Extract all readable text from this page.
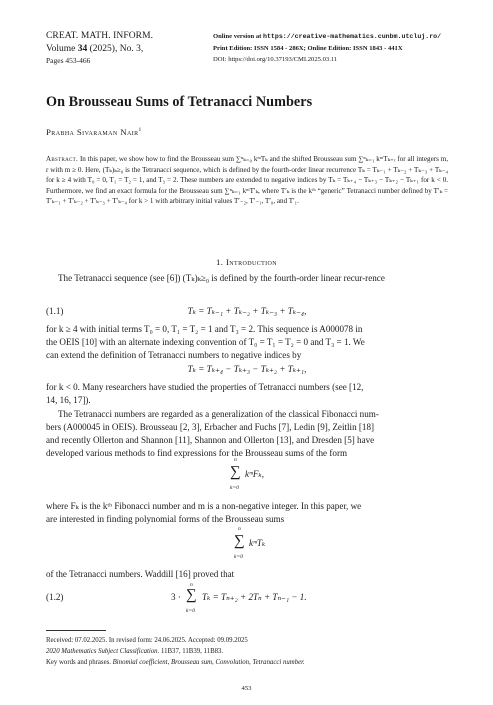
CREAT. MATH. INFORM.
Volume 34 (2025), No. 3,
Pages 453-466
Online version at https://creative-mathematics.cunbm.utcluj.ro/
Print Edition: ISSN 1584 - 286X; Online Edition: ISSN 1843 - 441X
DOI: https://doi.org/10.37193/CMI.2025.03.11
On Brousseau Sums of Tetranacci Numbers
Prabha Sivaraman Nair$^1$
Abstract. In this paper, we show how to find the Brousseau sum ∑ⁿₖ₌₀ kᵐTₖ and the shifted Brousseau sum ∑ⁿₖ₌₁ kᵐTₖ₊ᵣ for all integers m, r with m ≥ 0. Here, (Tₖ)ₖ≥₀ is the Tetranacci sequence, which is defined by the fourth-order linear recurrence Tₖ = Tₖ₋₁ + Tₖ₋₂ + Tₖ₋₃ + Tₖ₋₄ for k ≥ 4 with T₀ = 0, T₁ = T₂ = 1, and T₃ = 2. These numbers are extended to negative indices by Tₖ = Tₖ₊₄ − Tₖ₊₃ − Tₖ₊₂ − Tₖ₊₁ for k < 0. Furthermore, we find an exact formula for the Brousseau sum ∑ⁿₖ₌₁ kᵐT′ₖ, where T′ₖ is the kᵗʰ “generic” Tetranacci number defined by T′ₖ = T′ₖ₋₁ + T′ₖ₋₂ + T′ₖ₋₃ + T′ₖ₋₄ for k > 1 with arbitrary initial values T′₋₂, T′₋₁, T′₀, and T′₁.
1. Introduction
The Tetranacci sequence (see [6]) (Tₖ)ₖ≥₀ is defined by the fourth-order linear recur-rence
(1.1)	Tₖ = Tₖ₋₁ + Tₖ₋₂ + Tₖ₋₃ + Tₖ₋₄,
for k ≥ 4 with initial terms T₀ = 0, T₁ = T₂ = 1 and T₃ = 2. This sequence is A000078 in
the OEIS [10] with an alternate indexing convention of T₀ = T₁ = T₂ = 0 and T₃ = 1. We
can extend the definition of Tetranacci numbers to negative indices by
Tₖ = Tₖ₊₄ − Tₖ₊₃ − Tₖ₊₂ + Tₖ₊₁,
for k < 0. Many researchers have studied the properties of Tetranacci numbers (see [12,
14, 16, 17]).
The Tetranacci numbers are regarded as a generalization of the classical Fibonacci num-
bers (A000045 in OEIS). Brousseau [2, 3], Erbacher and Fuchs [7], Ledin [9], Zeitlin [18]
and recently Ollerton and Shannon [11], Shannon and Ollerton [13], and Dresden [5] have
developed various methods to find expressions for the Brousseau sums of the form
n
∑
k=0
kᵐFₖ,
where Fₖ is the kᵗʰ Fibonacci number and m is a non-negative integer. In this paper, we
are interested in finding polynomial forms of the Brousseau sums
n
∑
k=0
kᵐTₖ
of the Tetranacci numbers. Waddill [16] proved that
(1.2)	3 ·
n
∑
k=0
Tₖ = Tₙ₊₂ + 2Tₙ + Tₙ₋₁ − 1.
Received: 07.02.2025. In revised form: 24.06.2025. Accepted: 09.09.2025
2020 Mathematics Subject Classification. 11B37, 11B39, 11B83.
Key words and phrases. Binomial coefficient, Brousseau sum, Convolution, Tetranacci number.
453
